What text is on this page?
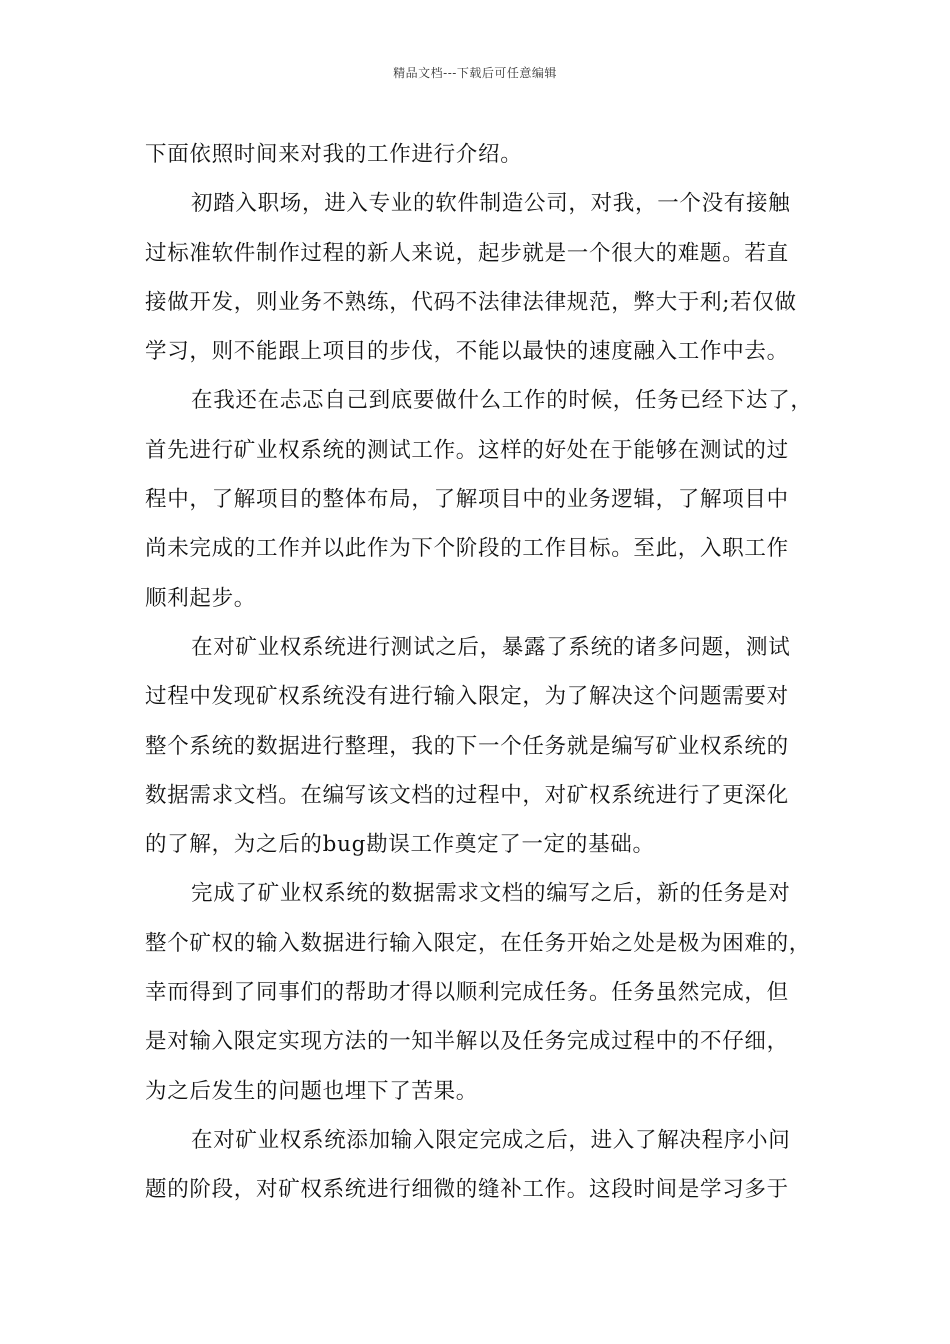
精品文档---下载后可任意编辑
下面依照时间来对我的工作进行介绍。
初踏入职场，进入专业的软件制造公司，对我，一个没有接触
过标准软件制作过程的新人来说，起步就是一个很大的难题。若直
接做开发，则业务不熟练，代码不法律法律规范，弊大于利;若仅做
学习，则不能跟上项目的步伐，不能以最快的速度融入工作中去。
在我还在忐忑自己到底要做什么工作的时候，任务已经下达了，
首先进行矿业权系统的测试工作。这样的好处在于能够在测试的过
程中，了解项目的整体布局，了解项目中的业务逻辑，了解项目中
尚未完成的工作并以此作为下个阶段的工作目标。至此，入职工作
顺利起步。
在对矿业权系统进行测试之后，暴露了系统的诸多问题，测试
过程中发现矿权系统没有进行输入限定，为了解决这个问题需要对
整个系统的数据进行整理，我的下一个任务就是编写矿业权系统的
数据需求文档。在编写该文档的过程中，对矿权系统进行了更深化
的了解，为之后的bug勘误工作奠定了一定的基础。
完成了矿业权系统的数据需求文档的编写之后，新的任务是对
整个矿权的输入数据进行输入限定，在任务开始之处是极为困难的，
幸而得到了同事们的帮助才得以顺利完成任务。任务虽然完成，但
是对输入限定实现方法的一知半解以及任务完成过程中的不仔细，
为之后发生的问题也埋下了苦果。
在对矿业权系统添加输入限定完成之后，进入了解决程序小问
题的阶段，对矿权系统进行细微的缝补工作。这段时间是学习多于
